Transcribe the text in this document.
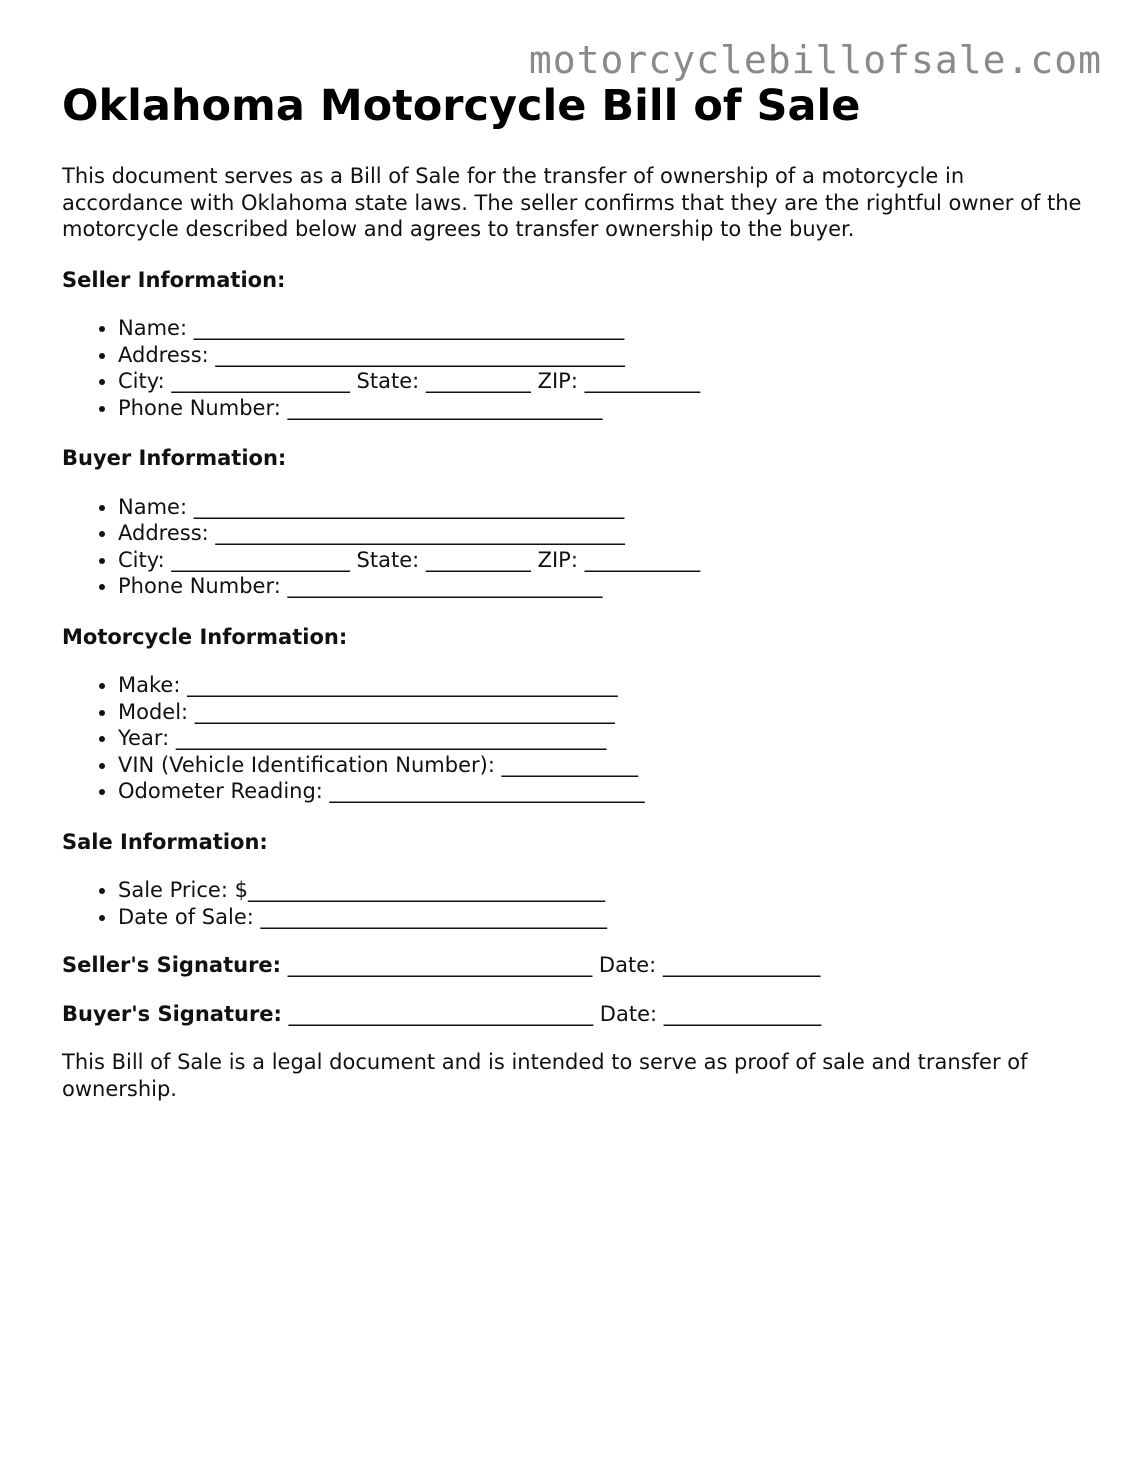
motorcyclebillofsale.com
Oklahoma Motorcycle Bill of Sale

This document serves as a Bill of Sale for the transfer of ownership of a motorcycle in accordance with Oklahoma state laws. The seller confirms that they are the rightful owner of the motorcycle described below and agrees to transfer ownership to the buyer.

Seller Information:

• Name: _________________________________________
• Address: _______________________________________
• City: _________________ State: __________ ZIP: ___________
• Phone Number: ______________________________

Buyer Information:

• Name: _________________________________________
• Address: _______________________________________
• City: _________________ State: __________ ZIP: ___________
• Phone Number: ______________________________

Motorcycle Information:

• Make: _________________________________________
• Model: ________________________________________
• Year: _________________________________________
• VIN (Vehicle Identification Number): _____________
• Odometer Reading: ______________________________

Sale Information:

• Sale Price: $__________________________________
• Date of Sale: _________________________________

Seller's Signature: _____________________________ Date: _______________

Buyer's Signature: _____________________________ Date: _______________

This Bill of Sale is a legal document and is intended to serve as proof of sale and transfer of ownership.
